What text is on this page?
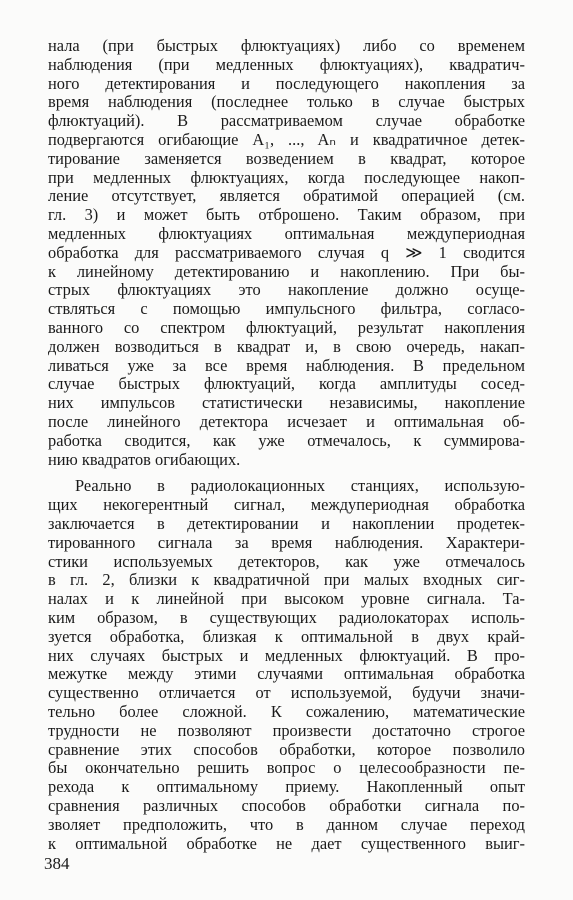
нала (при быстрых флюктуациях) либо со временем

наблюдения (при медленных флюктуациях), квадратич-

ного детектирования и последующего накопления за

время наблюдения (последнее только в случае быстрых

флюктуаций). В рассматриваемом случае обработке

подвергаются огибающие A₁, ..., Aₙ и квадратичное детек-

тирование заменяется возведением в квадрат, которое

при медленных флюктуациях, когда последующее накоп-

ление отсутствует, является обратимой операцией (см.

гл. 3) и может быть отброшено. Таким образом, при

медленных флюктуациях оптимальная междупериодная

обработка для рассматриваемого случая q ≫ 1 сводится

к линейному детектированию и накоплению. При бы-

стрых флюктуациях это накопление должно осуще-

ствляться с помощью импульсного фильтра, согласо-

ванного со спектром флюктуаций, результат накопления

должен возводиться в квадрат и, в свою очередь, накап-

ливаться уже за все время наблюдения. В предельном

случае быстрых флюктуаций, когда амплитуды сосед-

них импульсов статистически независимы, накопление

после линейного детектора исчезает и оптимальная об-

работка сводится, как уже отмечалось, к суммирова-

нию квадратов огибающих.

Реально в радиолокационных станциях, использую-

щих некогерентный сигнал, междупериодная обработка

заключается в детектировании и накоплении продетек-

тированного сигнала за время наблюдения. Характери-

стики используемых детекторов, как уже отмечалось

в гл. 2, близки к квадратичной при малых входных сиг-

налах и к линейной при высоком уровне сигнала. Та-

ким образом, в существующих радиолокаторах исполь-

зуется обработка, близкая к оптимальной в двух край-

них случаях быстрых и медленных флюктуаций. В про-

межутке между этими случаями оптимальная обработка

существенно отличается от используемой, будучи значи-

тельно более сложной. К сожалению, математические

трудности не позволяют произвести достаточно строгое

сравнение этих способов обработки, которое позволило

бы окончательно решить вопрос о целесообразности пе-

рехода к оптимальному приему. Накопленный опыт

сравнения различных способов обработки сигнала по-

зволяет предположить, что в данном случае переход

к оптимальной обработке не дает существенного выиг-

384
